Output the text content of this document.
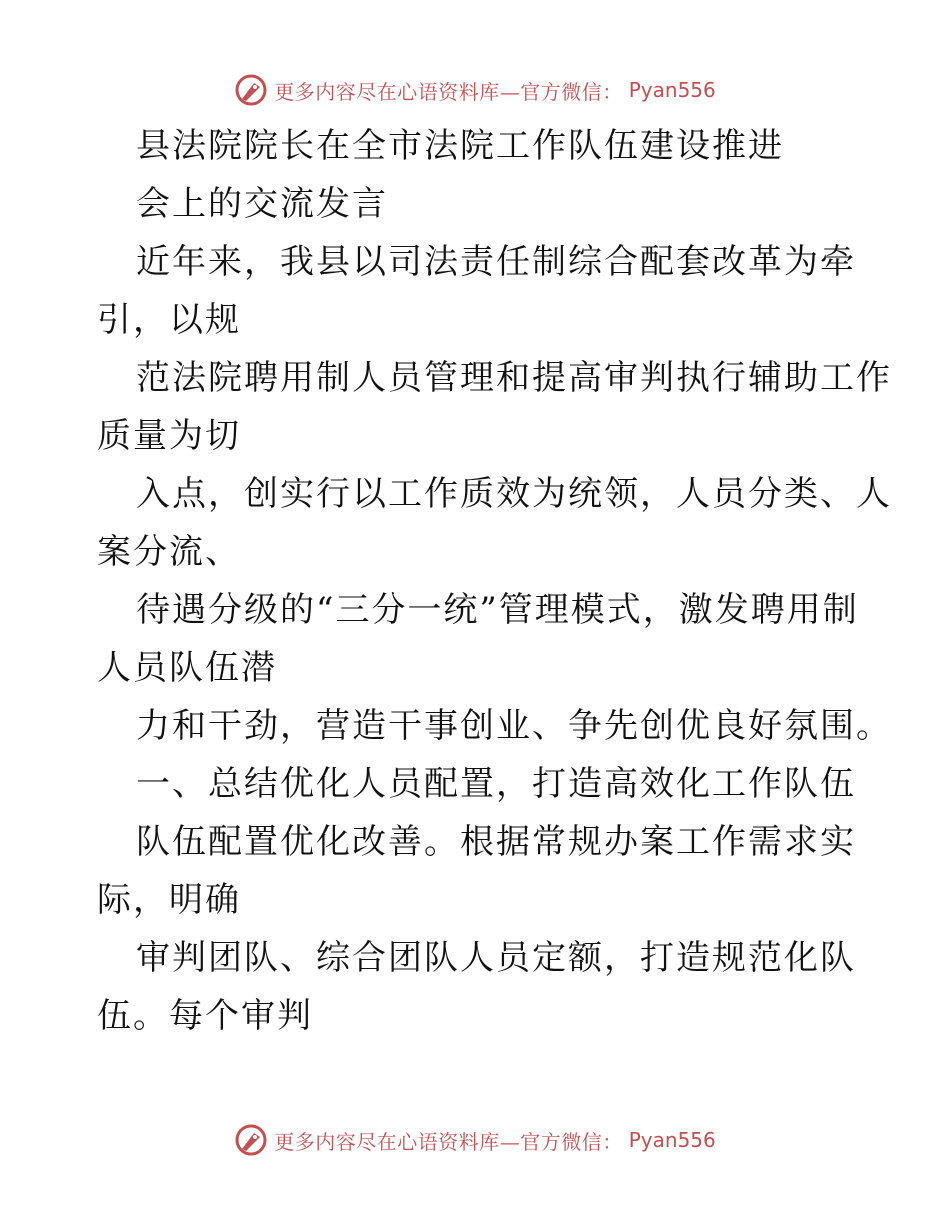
更多内容尽在心语资料库—官方微信： Pyan556
县法院院长在全市法院工作队伍建设推进
会上的交流发言
近年来，我县以司法责任制综合配套改革为牵
引，以规
范法院聘用制人员管理和提高审判执行辅助工作
质量为切
入点，创实行以工作质效为统领，人员分类、人
案分流、
待遇分级的“三分一统”管理模式，激发聘用制
人员队伍潜
力和干劲，营造干事创业、争先创优良好氛围。
一、总结优化人员配置，打造高效化工作队伍
队伍配置优化改善。根据常规办案工作需求实
际，明确
审判团队、综合团队人员定额，打造规范化队
伍。每个审判
更多内容尽在心语资料库—官方微信： Pyan556
